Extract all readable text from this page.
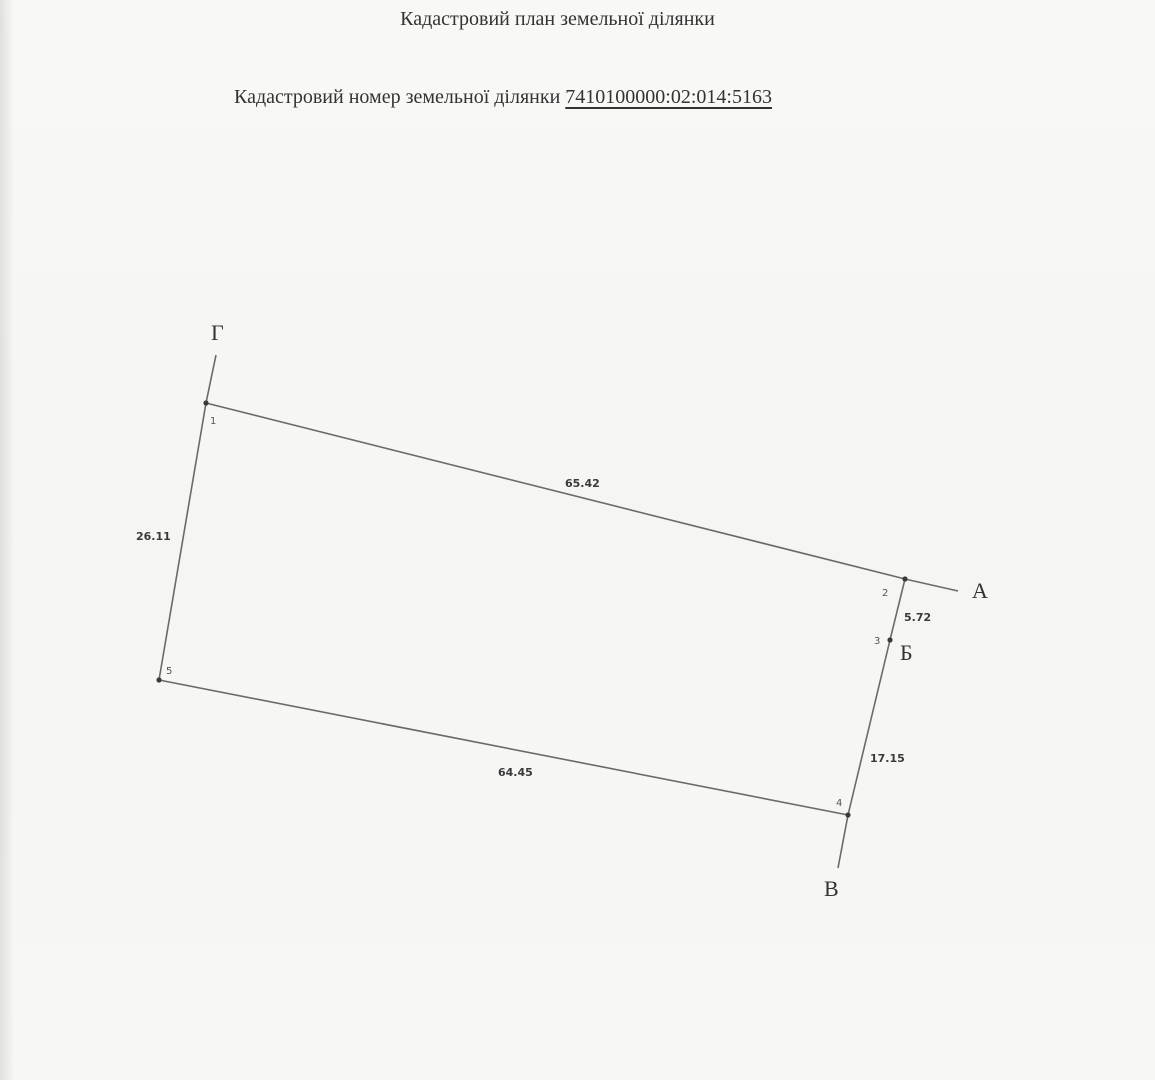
Кадастровий план земельної ділянки
Кадастровий номер земельної ділянки 7410100000:02:014:5163
1
2
3
4
5
65.42
5.72
17.15
64.45
26.11
Г
А
Б
В
